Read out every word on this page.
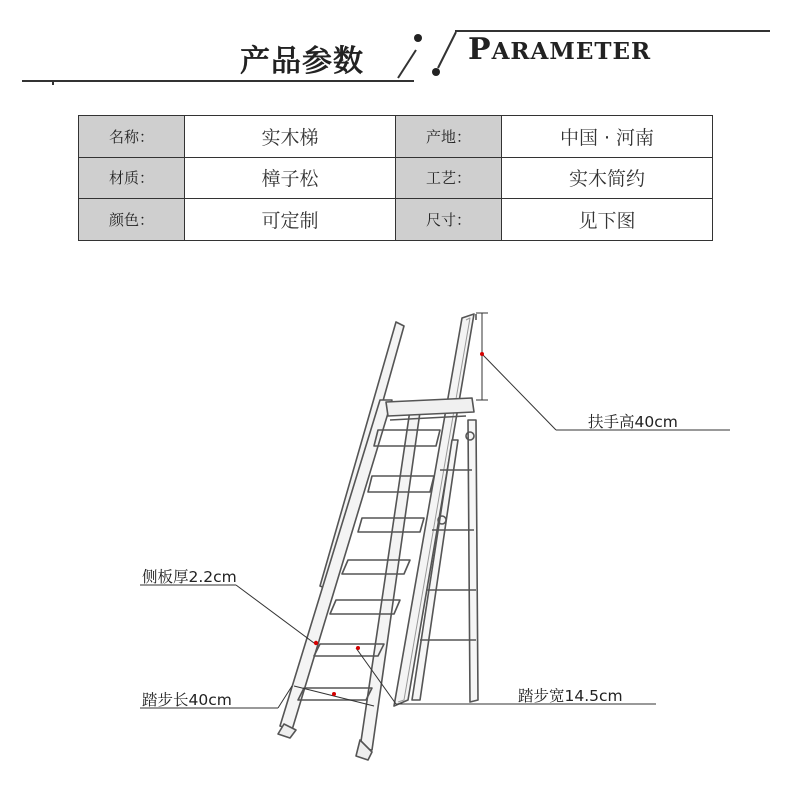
产品参数	PARAMETER
名称：	实木梯	产地：	中国 · 河南
材质：	樟子松	工艺：	实木简约
颜色：	可定制	尺寸：	见下图
扶手高40cm
侧板厚2.2cm
踏步长40cm	踏步宽14.5cm
